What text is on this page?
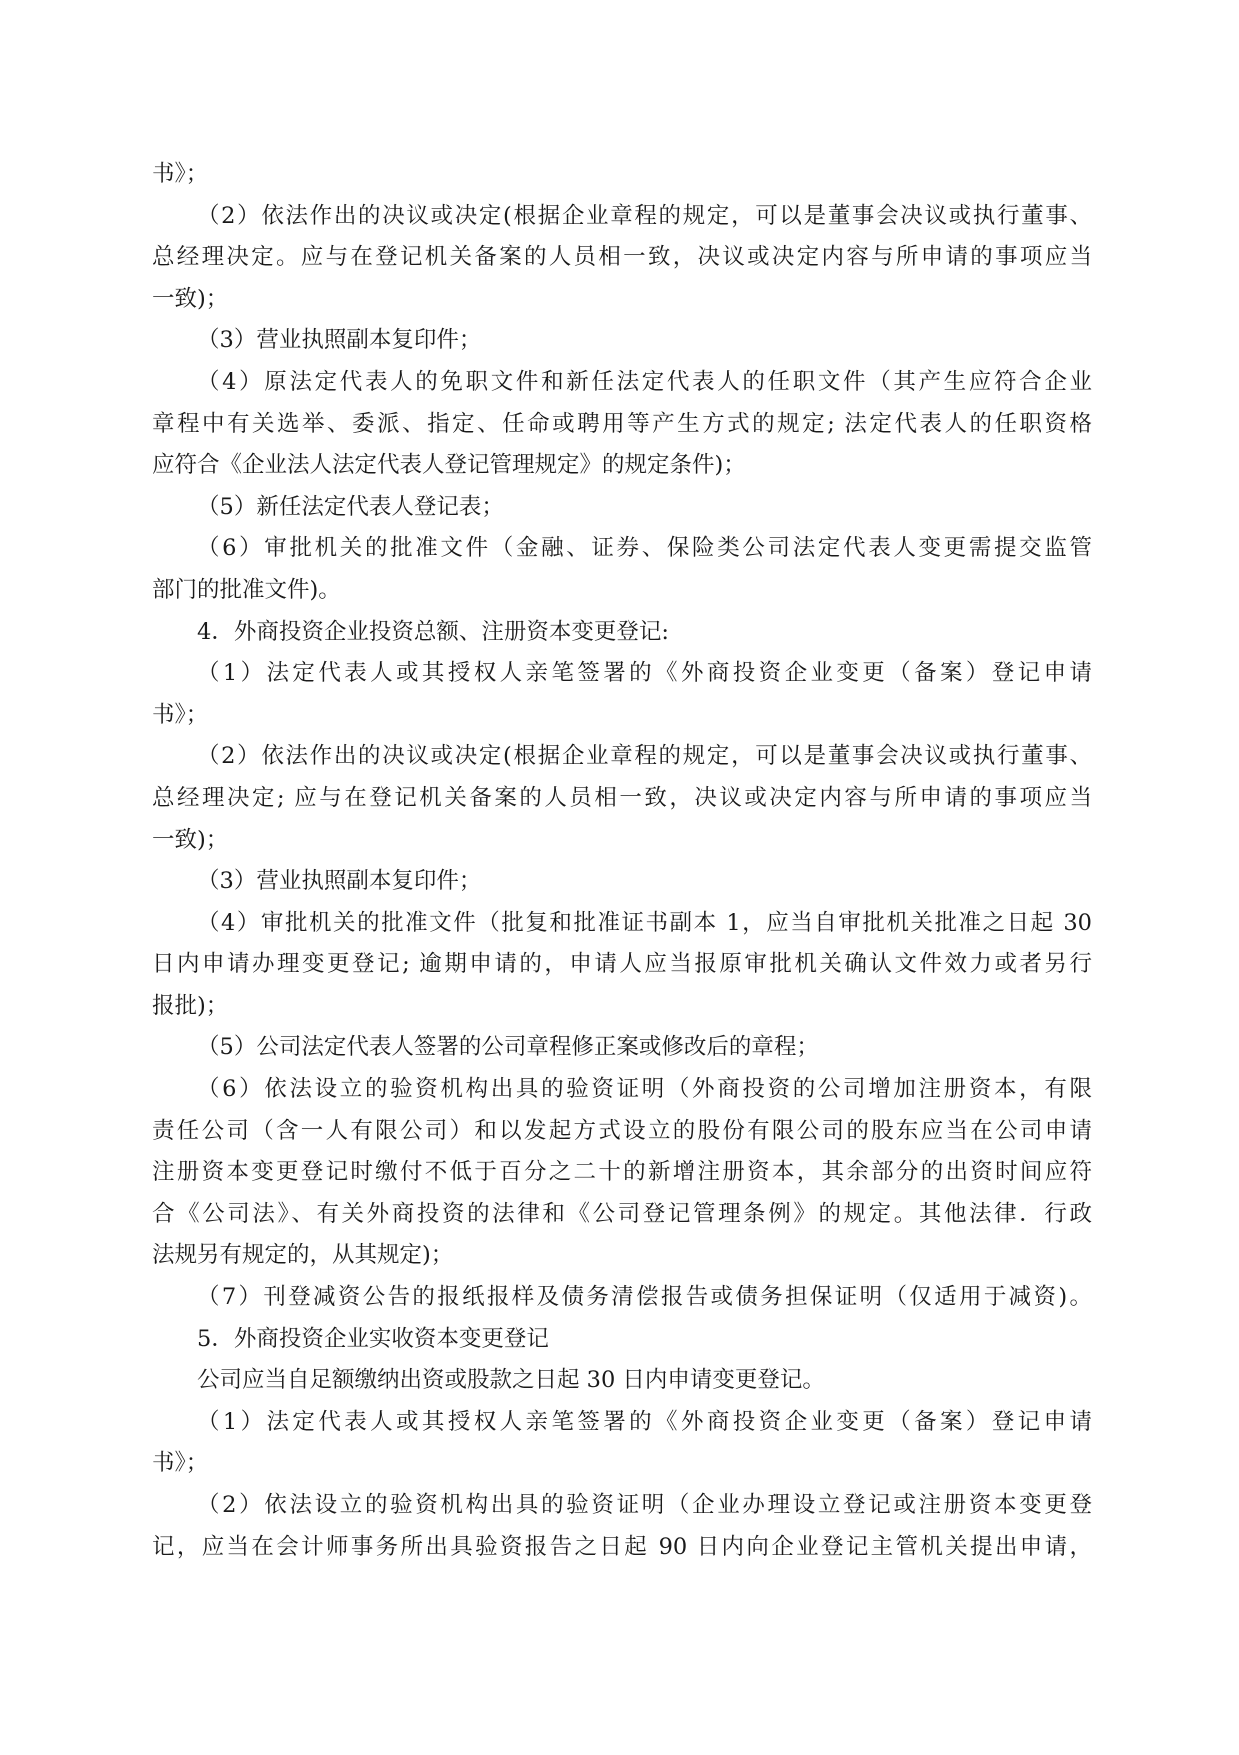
书》；
（2）依法作出的决议或决定(根据企业章程的规定，可以是董事会决议或执行董事、
总经理决定。应与在登记机关备案的人员相一致，决议或决定内容与所申请的事项应当
一致)；
（3）营业执照副本复印件；
（4）原法定代表人的免职文件和新任法定代表人的任职文件（其产生应符合企业
章程中有关选举、委派、指定、任命或聘用等产生方式的规定; 法定代表人的任职资格
应符合《企业法人法定代表人登记管理规定》的规定条件)；
（5）新任法定代表人登记表；
（6）审批机关的批准文件（金融、证券、保险类公司法定代表人变更需提交监管
部门的批准文件)。
4．外商投资企业投资总额、注册资本变更登记:
（1）法定代表人或其授权人亲笔签署的《外商投资企业变更（备案）登记申请
书》；
（2）依法作出的决议或决定(根据企业章程的规定，可以是董事会决议或执行董事、
总经理决定; 应与在登记机关备案的人员相一致，决议或决定内容与所申请的事项应当
一致)；
（3）营业执照副本复印件；
（4）审批机关的批准文件（批复和批准证书副本 1，应当自审批机关批准之日起 30
日内申请办理变更登记; 逾期申请的，申请人应当报原审批机关确认文件效力或者另行
报批)；
（5）公司法定代表人签署的公司章程修正案或修改后的章程；
（6）依法设立的验资机构出具的验资证明（外商投资的公司增加注册资本，有限
责任公司（含一人有限公司）和以发起方式设立的股份有限公司的股东应当在公司申请
注册资本变更登记时缴付不低于百分之二十的新增注册资本，其余部分的出资时间应符
合《公司法》、有关外商投资的法律和《公司登记管理条例》的规定。其他法律．行政
法规另有规定的，从其规定)；
（7）刊登减资公告的报纸报样及债务清偿报告或债务担保证明（仅适用于减资)。
5．外商投资企业实收资本变更登记
公司应当自足额缴纳出资或股款之日起 30 日内申请变更登记。
（1）法定代表人或其授权人亲笔签署的《外商投资企业变更（备案）登记申请
书》；
（2）依法设立的验资机构出具的验资证明（企业办理设立登记或注册资本变更登
记，应当在会计师事务所出具验资报告之日起 90 日内向企业登记主管机关提出申请，
